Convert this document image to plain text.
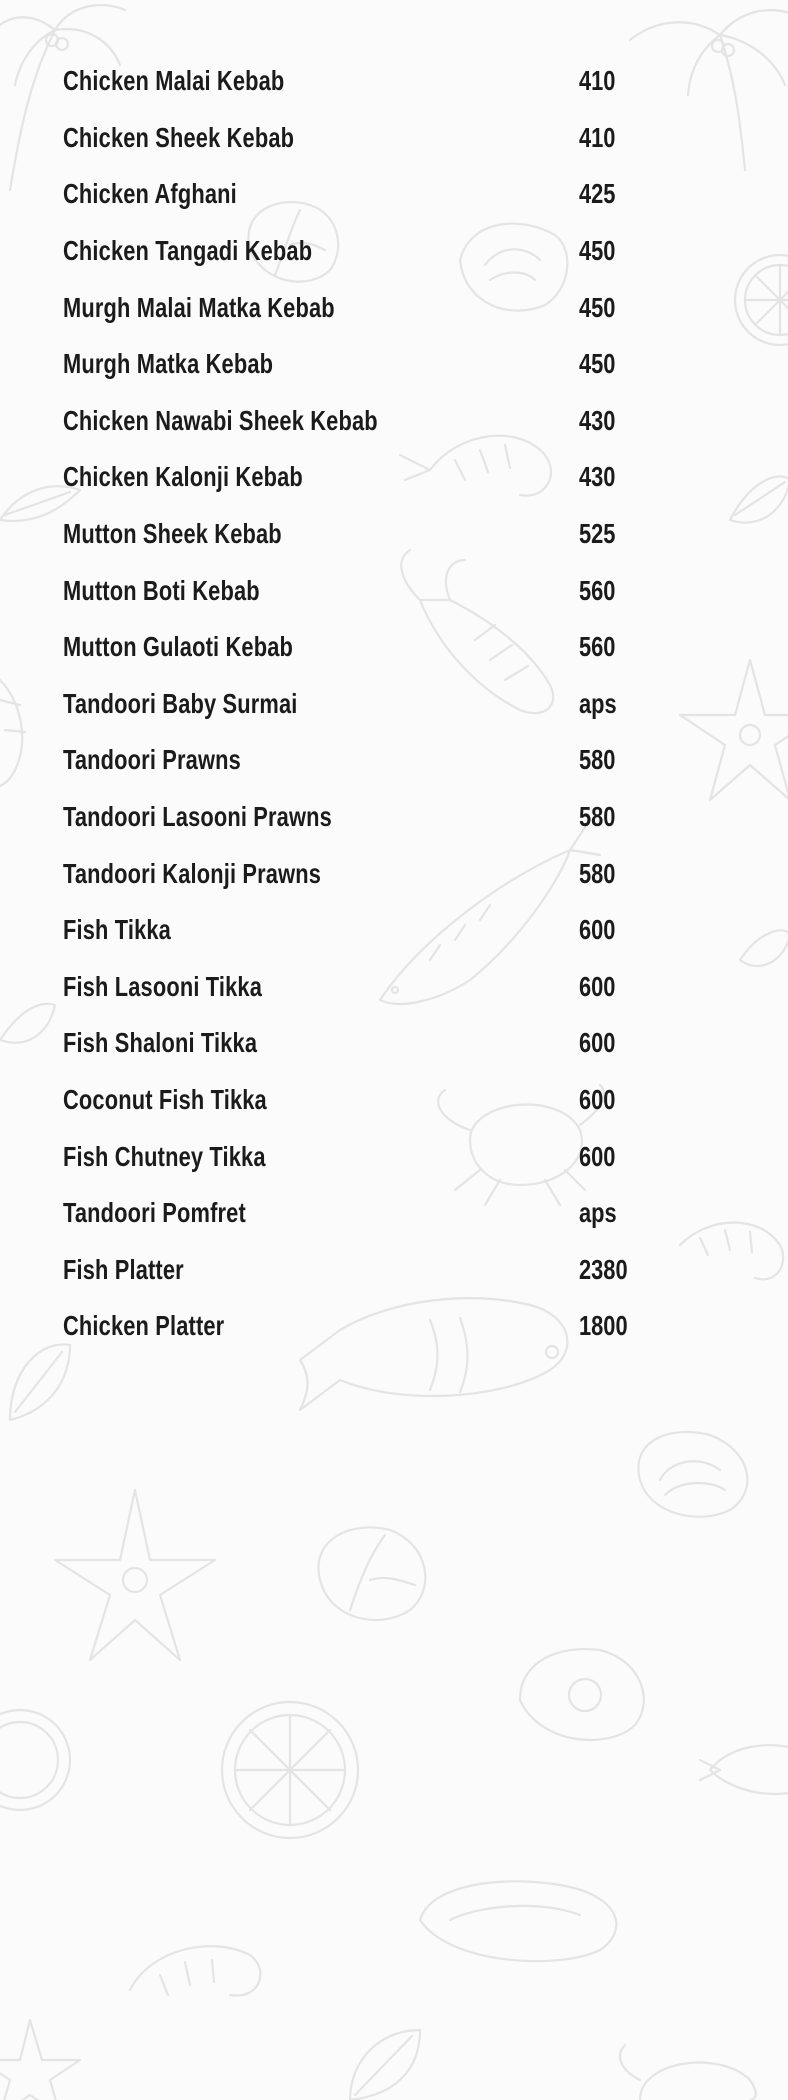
Chicken Malai Kebab	410
Chicken Sheek Kebab	410
Chicken Afghani	425
Chicken Tangadi Kebab	450
Murgh Malai Matka Kebab	450
Murgh Matka Kebab	450
Chicken Nawabi Sheek Kebab	430
Chicken Kalonji Kebab	430
Mutton Sheek Kebab	525
Mutton Boti Kebab	560
Mutton Gulaoti Kebab	560
Tandoori Baby Surmai	aps
Tandoori Prawns	580
Tandoori Lasooni Prawns	580
Tandoori Kalonji Prawns	580
Fish Tikka	600
Fish Lasooni Tikka	600
Fish Shaloni Tikka	600
Coconut Fish Tikka	600
Fish Chutney Tikka	600
Tandoori Pomfret	aps
Fish Platter	2380
Chicken Platter	1800
